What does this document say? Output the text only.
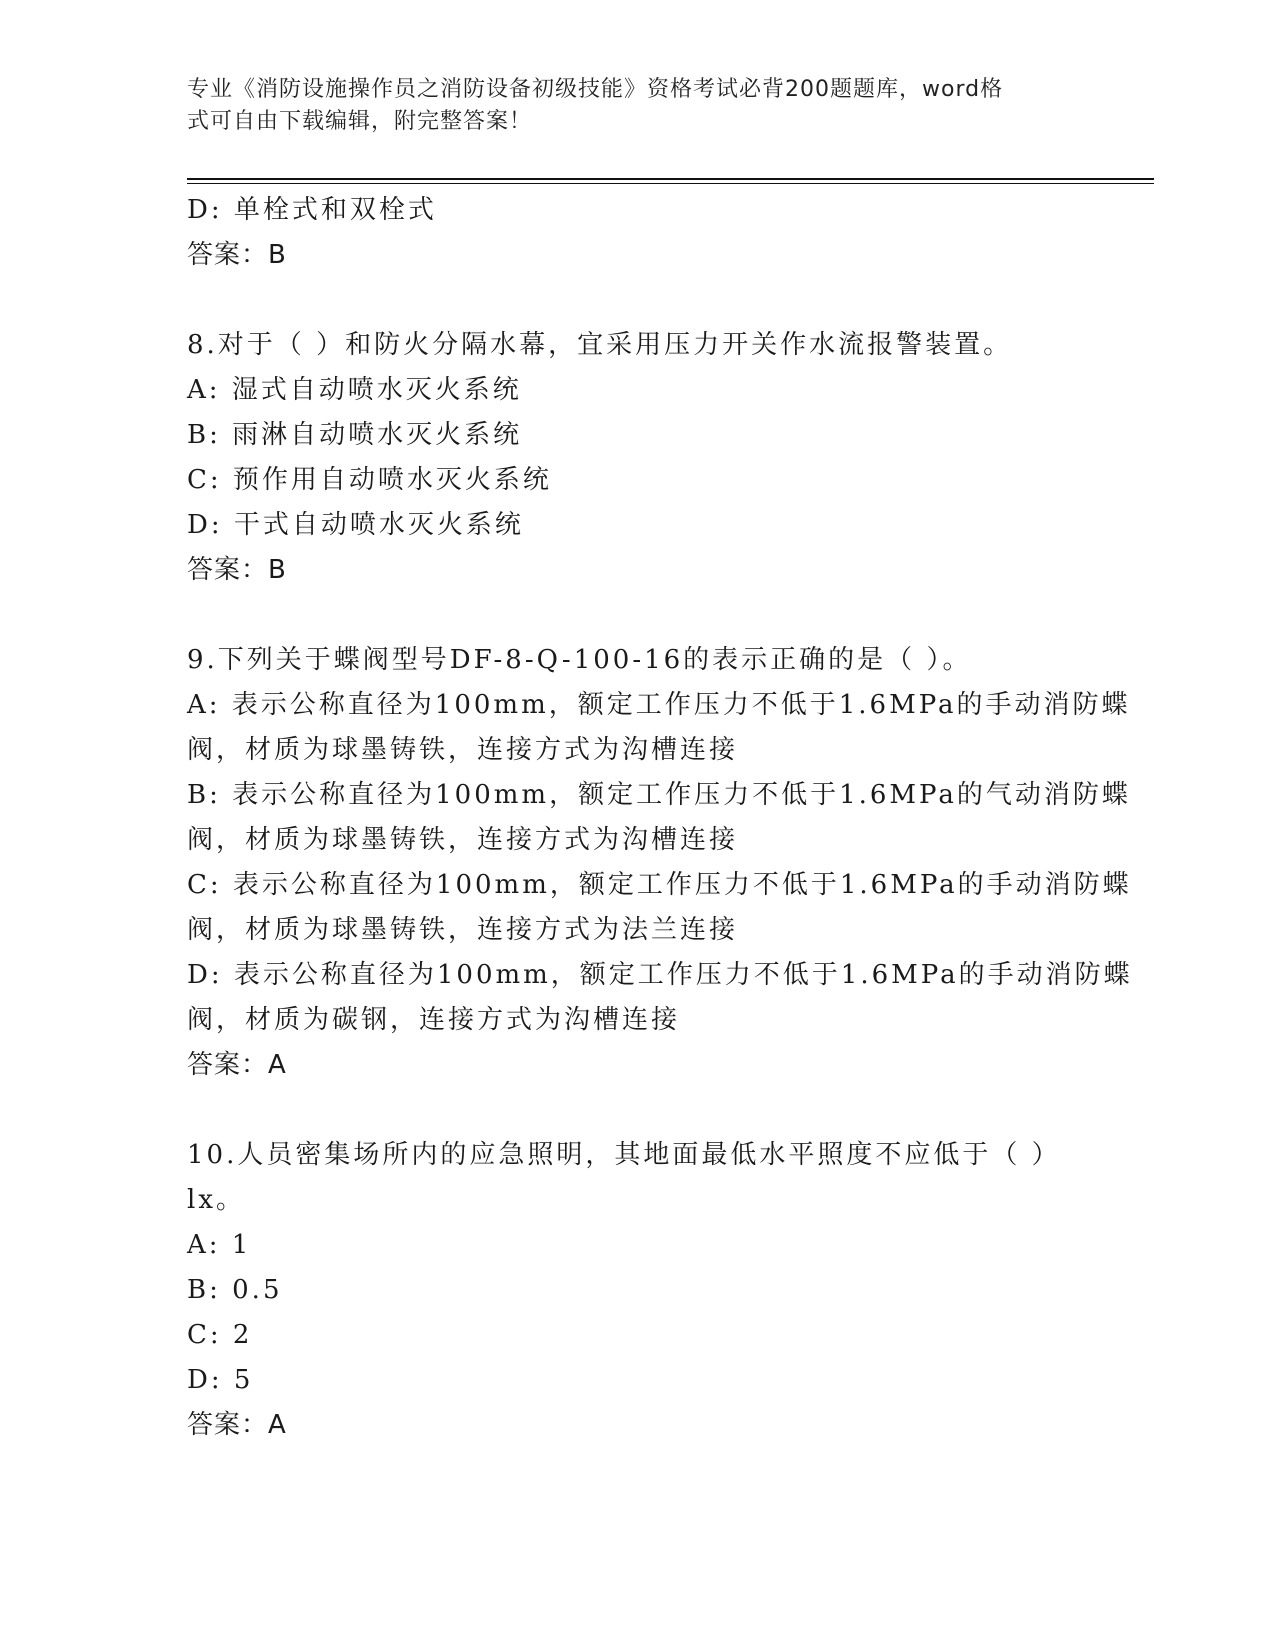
专业《消防设施操作员之消防设备初级技能》资格考试必背200题题库，word格
式可自由下载编辑，附完整答案！
D: 单栓式和双栓式
答案：B
8.对于（ ）和防火分隔水幕，宜采用压力开关作水流报警装置。
A: 湿式自动喷水灭火系统
B: 雨淋自动喷水灭火系统
C: 预作用自动喷水灭火系统
D: 干式自动喷水灭火系统
答案：B
9.下列关于蝶阀型号DF-8-Q-100-16的表示正确的是（ ）。
A: 表示公称直径为100mm，额定工作压力不低于1.6MPa的手动消防蝶
阀，材质为球墨铸铁，连接方式为沟槽连接
B: 表示公称直径为100mm，额定工作压力不低于1.6MPa的气动消防蝶
阀，材质为球墨铸铁，连接方式为沟槽连接
C: 表示公称直径为100mm，额定工作压力不低于1.6MPa的手动消防蝶
阀，材质为球墨铸铁，连接方式为法兰连接
D: 表示公称直径为100mm，额定工作压力不低于1.6MPa的手动消防蝶
阀，材质为碳钢，连接方式为沟槽连接
答案：A
10.人员密集场所内的应急照明，其地面最低水平照度不应低于（ ）
lx。
A: 1
B: 0.5
C: 2
D: 5
答案：A
